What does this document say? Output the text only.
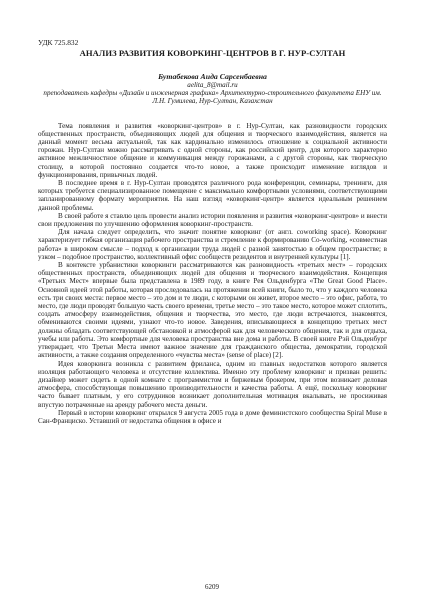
УДК 725.832

АНАЛИЗ РАЗВИТИЯ КОВОРКИНГ-ЦЕНТРОВ В Г. НУР-СУЛТАН

Бутабекова Аида Сарсенбаевна

aelita_8@mail.ru

преподаватель кафедры «Дизайн и инженерная графика» Архитектурно-строительного факультета ЕНУ им. Л.Н. Гумилева, Нур-Султан, Казахстан

Тема появления и развития «коворкинг-центров» в г. Нур-Султан, как разновидности городских общественных пространств, объединяющих людей для общения и творческого взаимодействия, является на данный момент весьма актуальной, так как кардинально изменилось отношение к социальной активности горожан. Нур-Султан можно рассматривать с одной стороны, как российский центр, для которого характерно активное межличностное общение и коммуникация между горожанами, а с другой стороны, как творческую столицу, в которой постоянно создается что-то новое, а также происходит изменение взглядов и функционирования, привычных людей.

В последнее время в г. Нур-Султан проводятся различного рода конференции, семинары, тренинги, для которых требуется специализированное помещение с максимально комфортными условиями, соответствующими запланированному формату мероприятия. На наш взгляд «коворкинг-центр» является идеальным решением данной проблемы.

В своей работе я ставлю цель провести анализ истории появления и развития «коворкинг-центров» и внести свои предложения по улучшению оформления коворкинг-пространств.

Для начала следует определить, что значит понятие коворкинг (от англ. coworking space). Коворкинг характеризует гибкая организация рабочего пространства и стремление к формированию Co-working, «совместная работа» в широком смысле – подход к организации труда людей с разной занятостью в общем пространстве; в узком – подобное пространство, коллективный офис сообществ резидентов и внутренней культуры [1].

В контексте урбанистики коворкинги рассматриваются как разновидность «третьих мест» – городских общественных пространств, объединяющих людей для общения и творческого взаимодействия. Концепция «Третьих Мест» впервые была представлена в 1989 году, в книге Рея Ольденбурга «The Great Good Place». Основной идеей этой работы, которая проследовалась на протяжении всей книги, было то, что у каждого человека есть три своих места: первое место – это дом и те люди, с которыми он живет, второе место – это офис, работа, то место, где люди проводят большую часть своего времени, третье место – это такое место, которое может сплотить, создать атмосферу взаимодействия, общения и творчества, это место, где люди встречаются, знакомятся, обмениваются своими идеями, узнают что-то новое. Заведения, вписывающиеся в концепцию третьих мест должны обладать соответствующей обстановкой и атмосферой как для человеческого общения, так и для отдыха, учебы или работы. Это комфортные для человека пространства вне дома и работы. В своей книге Рэй Ольденбург утверждает, что Третьи Места имеют важное значение для гражданского общества, демократии, городской активности, а также создания определенного «чувства места» (sense of place) [2].

Идея коворкинга возникла с развитием фриланса, одним из главных недостатков которого является изоляция работающего человека и отсутствие коллектива. Именно эту проблему коворкинг и призван решить: дизайнер может сидеть в одной комнате с программистом и биржевым брокером, при этом возникает деловая атмосфера, способствующая повышению производительности и качества работы. А ещё, поскольку коворкинг часто бывает платным, у его сотрудников возникает дополнительная мотивация вкалывать, не просиживая впустую потраченные на аренду рабочего места деньги.

Первый в истории коворкинг открылся 9 августа 2005 года в доме феминистского сообщества Spiral Muse в Сан-Франциско. Уставший от недостатка общения в офисе и

6209
